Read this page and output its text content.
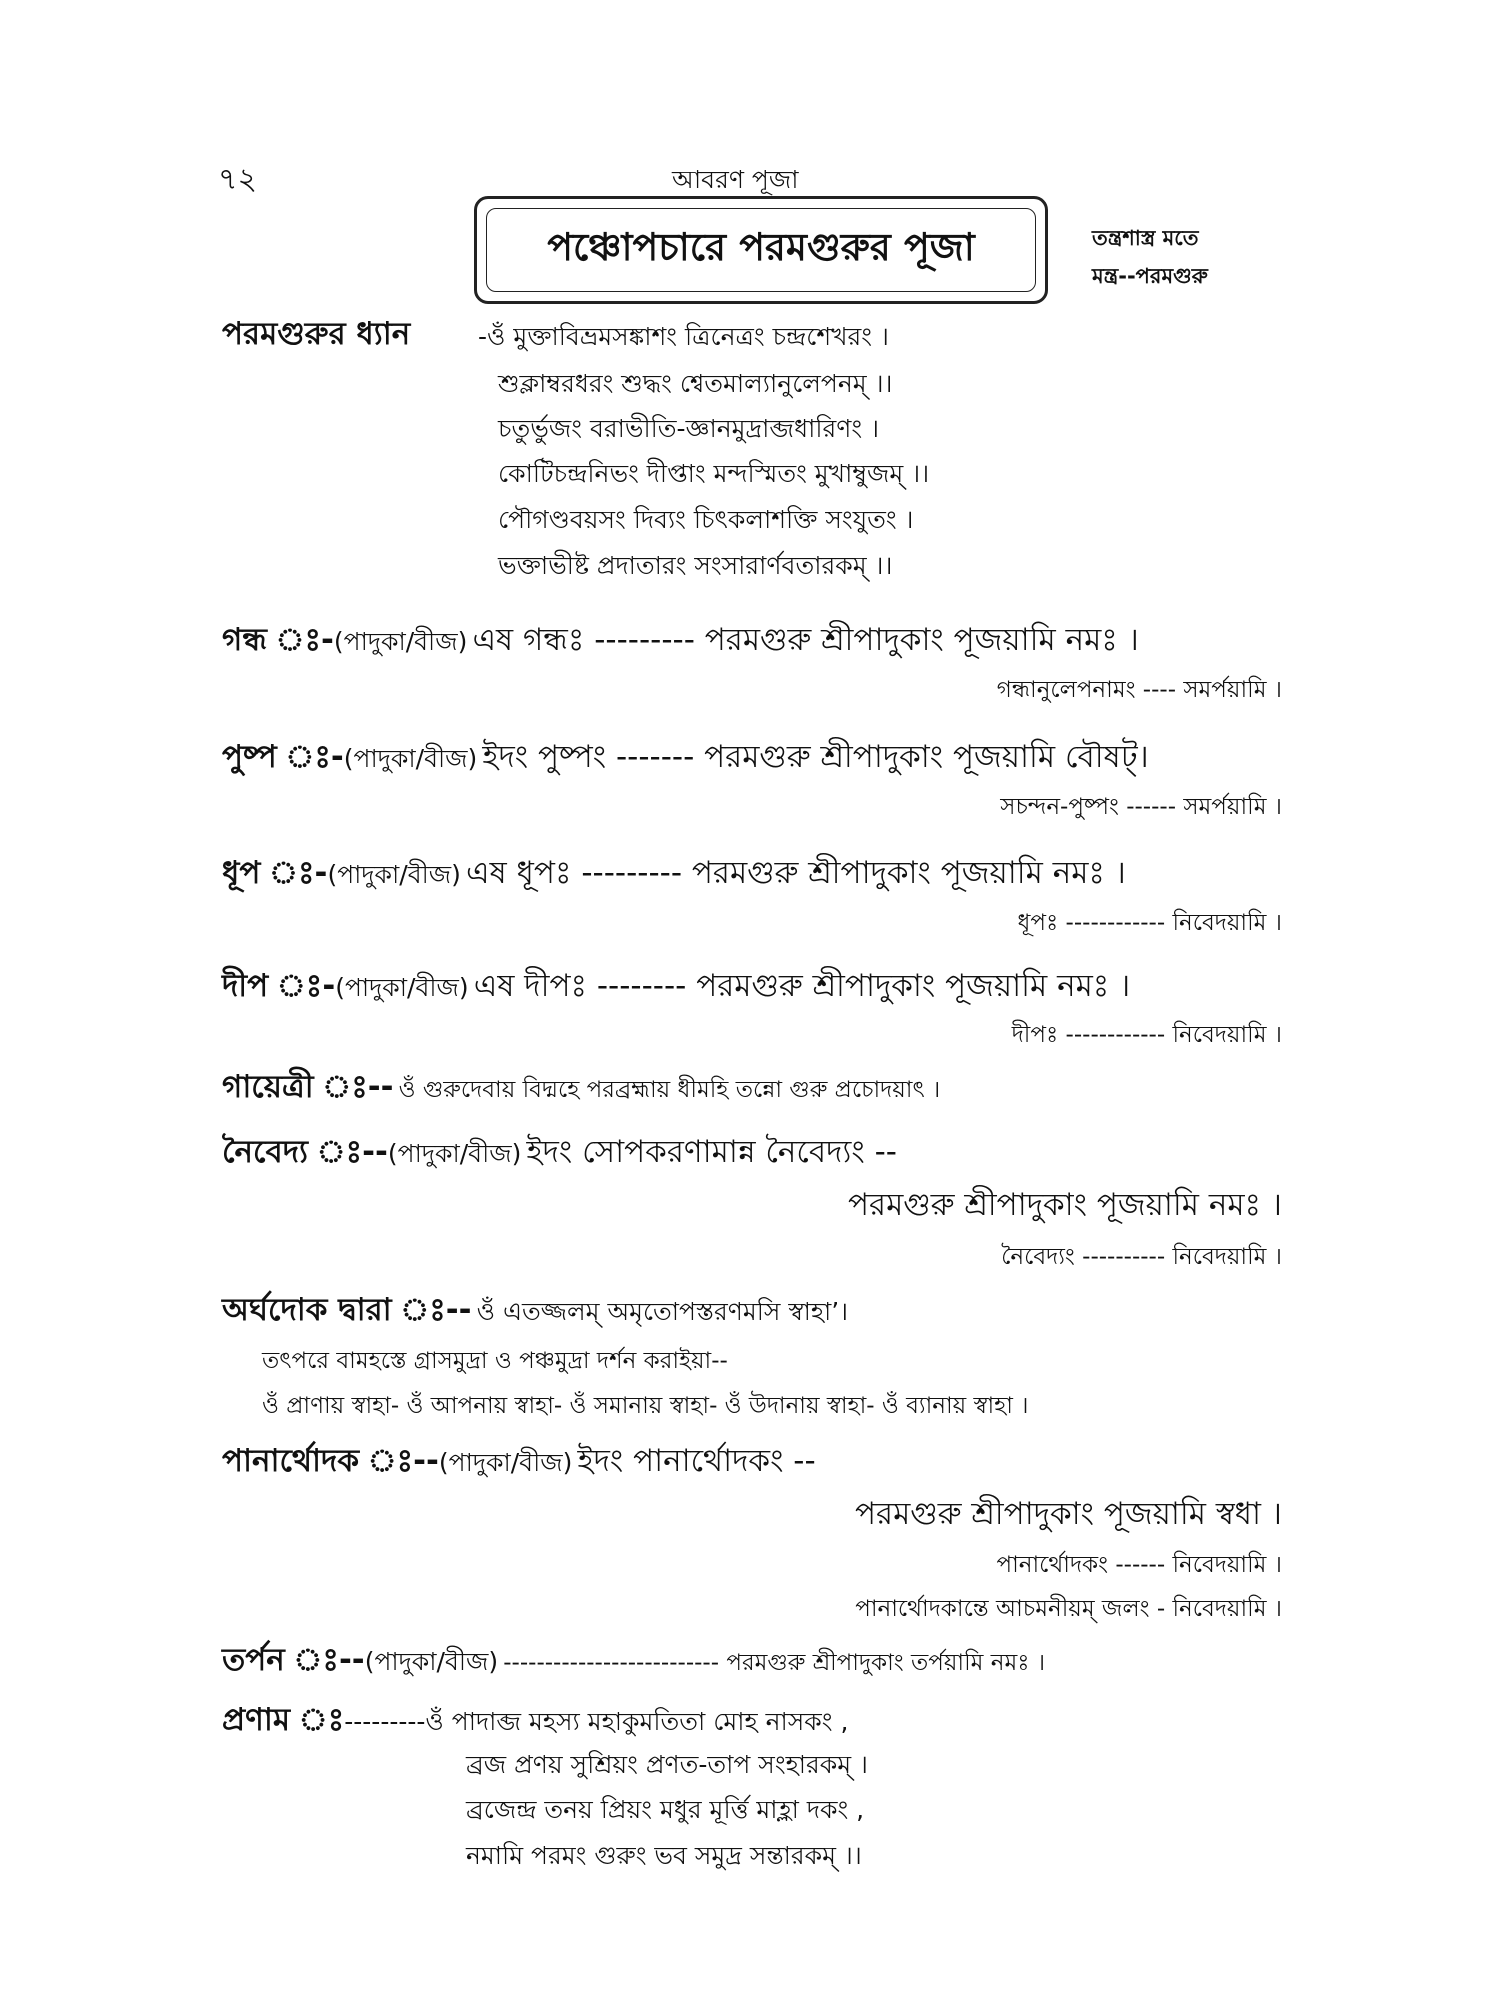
৭২	আবরণ পূজা
পঞ্চোপচারে পরমগুরুর পূজা	তন্ত্রশাস্ত্র মতে
মন্ত্র--পরমগুরু
পরমগুরুর ধ্যান	-ওঁ মুক্তাবিভ্রমসঙ্কাশং ত্রিনেত্রং চন্দ্রশেখরং ।
শুক্লাম্বরধরং শুদ্ধং শ্বেতমাল্যানুলেপনম্ ।।
চতুর্ভুজং বরাভীতি-জ্ঞানমুদ্রাব্জধারিণং ।
কোটিচন্দ্রনিভং দীপ্তাং মন্দস্মিতং মুখাম্বুজম্ ।।
পৌগণ্ডবয়সং দিব্যং চিৎকলাশক্তি সংযুতং ।
ভক্তাভীষ্ট প্রদাতারং সংসারার্ণবতারকম্ ।।
গন্ধ ঃ-(পাদুকা/বীজ) এষ গন্ধঃ --------- পরমগুরু শ্রীপাদুকাং পূজয়ামি নমঃ ।
গন্ধানুলেপনামং ---- সমর্পয়ামি ।
পুষ্প ঃ-(পাদুকা/বীজ) ইদং পুষ্পং ------- পরমগুরু শ্রীপাদুকাং পূজয়ামি বৌষট্।
সচন্দন-পুষ্পং ------ সমর্পয়ামি ।
ধূপ ঃ-(পাদুকা/বীজ) এষ ধূপঃ --------- পরমগুরু শ্রীপাদুকাং পূজয়ামি নমঃ ।
ধূপঃ ------------ নিবেদয়ামি ।
দীপ ঃ-(পাদুকা/বীজ) এষ দীপঃ -------- পরমগুরু শ্রীপাদুকাং পূজয়ামি নমঃ ।
দীপঃ ------------ নিবেদয়ামি ।
গায়েত্রী ঃ-- ওঁ গুরুদেবায় বিদ্মহে পরব্রহ্মায় ধীমহি তন্নো গুরু প্রচোদয়াৎ ।
নৈবেদ্য ঃ--(পাদুকা/বীজ) ইদং সোপকরণামান্ন নৈবেদ্যং --
পরমগুরু শ্রীপাদুকাং পূজয়ামি নমঃ ।
নৈবেদ্যং ---------- নিবেদয়ামি ।
অর্ঘদোক দ্বারা ঃ-- ওঁ এতজ্জলম্ অমৃতোপস্তরণমসি স্বাহা’।
তৎপরে বামহস্তে গ্রাসমুদ্রা ও পঞ্চমুদ্রা দর্শন করাইয়া--
ওঁ প্রাণায় স্বাহা- ওঁ আপনায় স্বাহা- ওঁ সমানায় স্বাহা- ওঁ উদানায় স্বাহা- ওঁ ব্যানায় স্বাহা ।
পানার্থোদক ঃ--(পাদুকা/বীজ) ইদং পানার্থোদকং --
পরমগুরু শ্রীপাদুকাং পূজয়ামি স্বধা ।
পানার্থোদকং ------ নিবেদয়ামি ।
পানার্থোদকান্তে আচমনীয়ম্ জলং - নিবেদয়ামি ।
তর্পন ঃ--(পাদুকা/বীজ) -------------------------- পরমগুরু শ্রীপাদুকাং তর্পয়ামি নমঃ ।
প্রণাম ঃ---------ওঁ পাদাব্জ মহস্য মহাকুমতিতা মোহ নাসকং ,
ব্রজ প্রণয় সুশ্রিয়ং প্রণত-তাপ সংহারকম্ ।
ব্রজেন্দ্র তনয় প্রিয়ং মধুর মূর্ত্তি মাহ্লা দকং ,
নমামি পরমং গুরুং ভব সমুদ্র সন্তারকম্ ।।
